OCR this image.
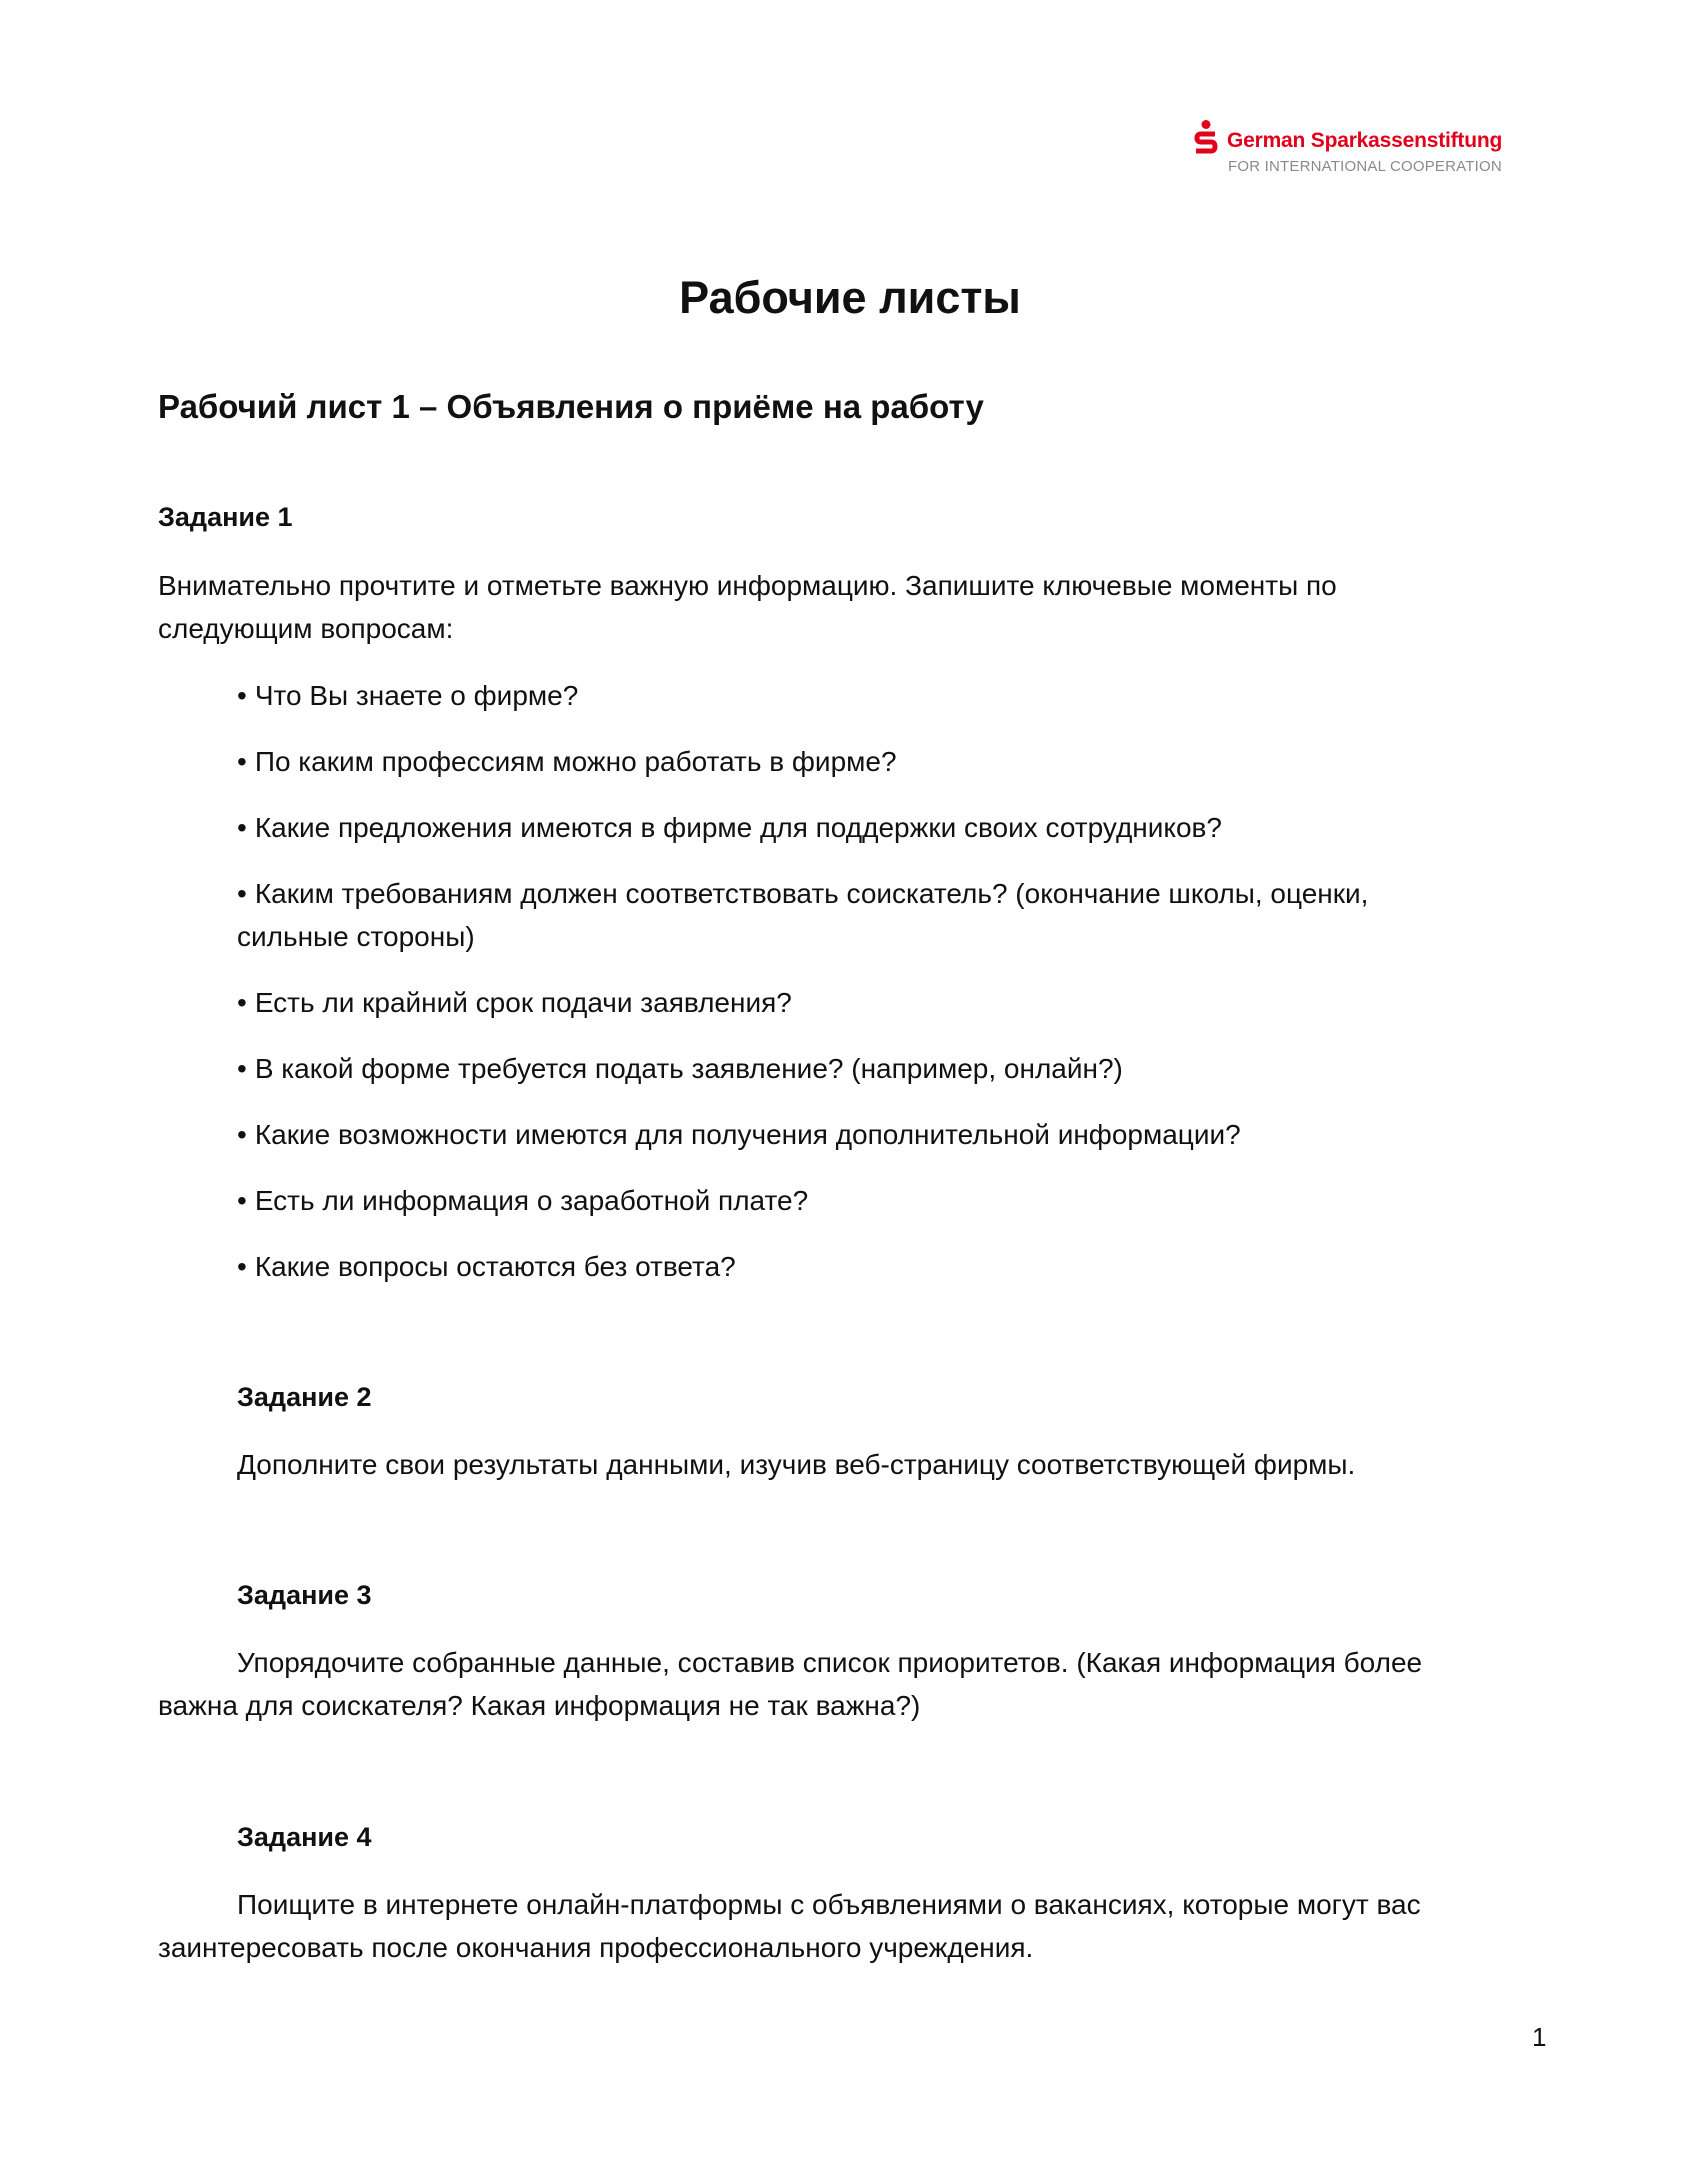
German Sparkassenstiftung
FOR INTERNATIONAL COOPERATION
Рабочие листы
Рабочий лист 1 – Объявления о приёме на работу
Задание 1
Внимательно прочтите и отметьте важную информацию. Запишите ключевые моменты по
следующим вопросам:
• Что Вы знаете о фирме?
• По каким профессиям можно работать в фирме?
• Какие предложения имеются в фирме для поддержки своих сотрудников?
• Каким требованиям должен соответствовать соискатель? (окончание школы, оценки,
сильные стороны)
• Есть ли крайний срок подачи заявления?
• В какой форме требуется подать заявление? (например, онлайн?)
• Какие возможности имеются для получения дополнительной информации?
• Есть ли информация о заработной плате?
• Какие вопросы остаются без ответа?
Задание 2
Дополните свои результаты данными, изучив веб-страницу соответствующей фирмы.
Задание 3
Упорядочите собранные данные, составив список приоритетов. (Какая информация более
важна для соискателя? Какая информация не так важна?)
Задание 4
Поищите в интернете онлайн-платформы с объявлениями о вакансиях, которые могут вас
заинтересовать после окончания профессионального учреждения.
1
